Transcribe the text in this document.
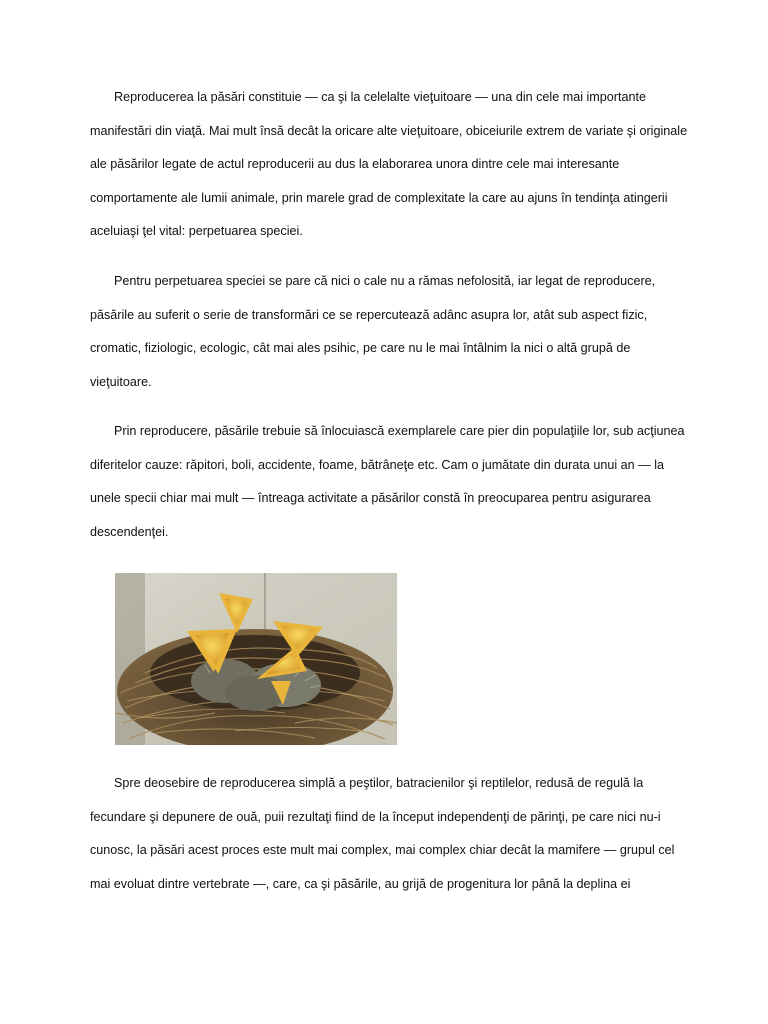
Reproducerea la păsări constituie — ca şi la celelalte vieţuitoare — una din cele mai importante manifestări din viaţă. Mai mult însă decât la oricare alte vieţuitoare, obiceiurile extrem de variate şi originale ale păsărilor legate de actul reproducerii au dus la elaborarea unora dintre cele mai interesante comportamente ale lumii animale, prin marele grad de complexitate la care au ajuns în tendinţa atingerii aceluiaşi ţel vital: perpetuarea speciei.

Pentru perpetuarea speciei se pare că nici o cale nu a rămas nefolosită, iar legat de reproducere, păsările au suferit o serie de transformări ce se repercutează adânc asupra lor, atât sub aspect fizic, cromatic, fiziologic, ecologic, cât mai ales psihic, pe care nu le mai întâlnim la nici o altă grupă de vieţuitoare.

Prin reproducere, păsările trebuie să înlocuiască exemplarele care pier din populaţiile lor, sub acţiunea diferitelor cauze: răpitori, boli, accidente, foame, bătrâneţe etc. Cam o jumătate din durata unui an — la unele specii chiar mai mult — întreaga activitate a păsărilor constă în preocuparea pentru asigurarea descendenţei.

Spre deosebire de reproducerea simplă a peştilor, batracienilor şi reptilelor, redusă de regulă la fecundare şi depunere de ouă, puii rezultaţi fiind de la început independenţi de părinţi, pe care nici nu-i cunosc, la păsări acest proces este mult mai complex, mai complex chiar decât la mamifere — grupul cel mai evoluat dintre vertebrate —, care, ca şi păsările, au grijă de progenitura lor până la deplina ei
